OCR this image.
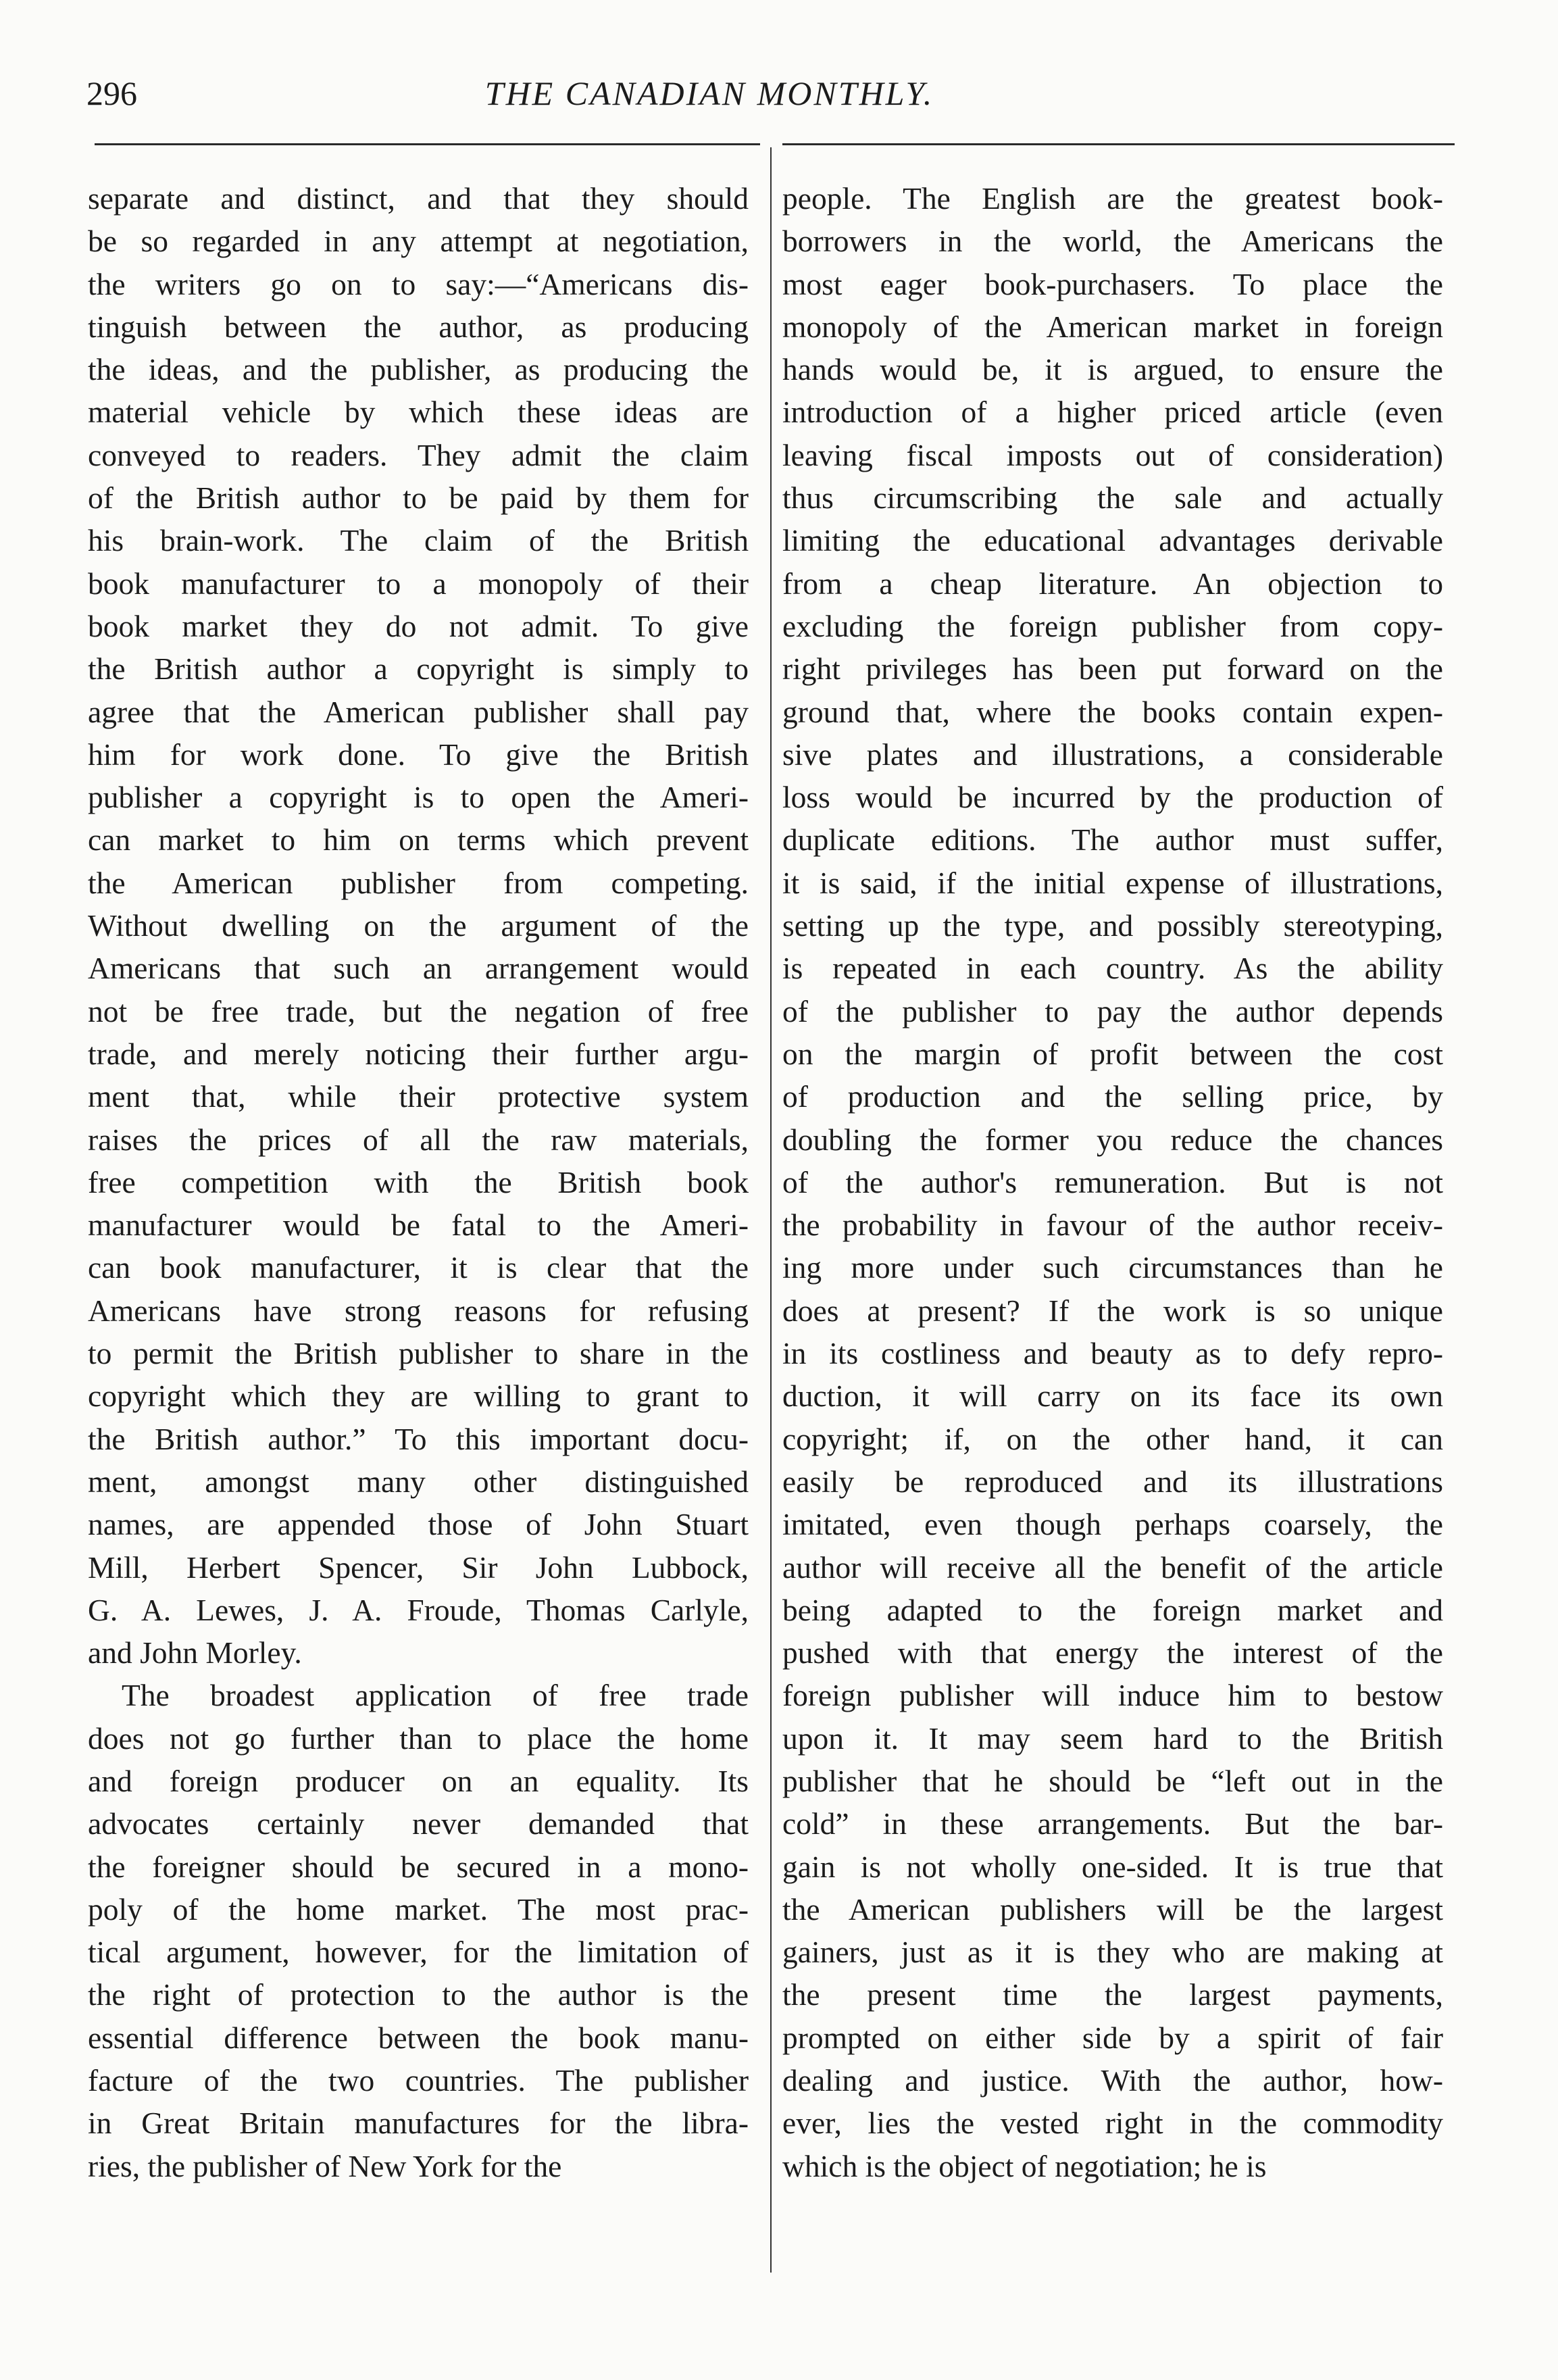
296	THE CANADIAN MONTHLY.
separate and distinct, and that they should
be so regarded in any attempt at negotiation,
the writers go on to say:—“Americans dis-
tinguish between the author, as producing
the ideas, and the publisher, as producing the
material vehicle by which these ideas are
conveyed to readers. They admit the claim
of the British author to be paid by them for
his brain-work. The claim of the British
book manufacturer to a monopoly of their
book market they do not admit. To give
the British author a copyright is simply to
agree that the American publisher shall pay
him for work done. To give the British
publisher a copyright is to open the Ameri-
can market to him on terms which prevent
the American publisher from competing.
Without dwelling on the argument of the
Americans that such an arrangement would
not be free trade, but the negation of free
trade, and merely noticing their further argu-
ment that, while their protective system
raises the prices of all the raw materials,
free competition with the British book
manufacturer would be fatal to the Ameri-
can book manufacturer, it is clear that the
Americans have strong reasons for refusing
to permit the British publisher to share in the
copyright which they are willing to grant to
the British author.” To this important docu-
ment, amongst many other distinguished
names, are appended those of John Stuart
Mill, Herbert Spencer, Sir John Lubbock,
G. A. Lewes, J. A. Froude, Thomas Carlyle,
and John Morley.
The broadest application of free trade
does not go further than to place the home
and foreign producer on an equality. Its
advocates certainly never demanded that
the foreigner should be secured in a mono-
poly of the home market. The most prac-
tical argument, however, for the limitation of
the right of protection to the author is the
essential difference between the book manu-
facture of the two countries. The publisher
in Great Britain manufactures for the libra-
ries, the publisher of New York for the
people. The English are the greatest book-
borrowers in the world, the Americans the
most eager book-purchasers. To place the
monopoly of the American market in foreign
hands would be, it is argued, to ensure the
introduction of a higher priced article (even
leaving fiscal imposts out of consideration)
thus circumscribing the sale and actually
limiting the educational advantages derivable
from a cheap literature. An objection to
excluding the foreign publisher from copy-
right privileges has been put forward on the
ground that, where the books contain expen-
sive plates and illustrations, a considerable
loss would be incurred by the production of
duplicate editions. The author must suffer,
it is said, if the initial expense of illustrations,
setting up the type, and possibly stereotyping,
is repeated in each country. As the ability
of the publisher to pay the author depends
on the margin of profit between the cost
of production and the selling price, by
doubling the former you reduce the chances
of the author's remuneration. But is not
the probability in favour of the author receiv-
ing more under such circumstances than he
does at present? If the work is so unique
in its costliness and beauty as to defy repro-
duction, it will carry on its face its own
copyright; if, on the other hand, it can
easily be reproduced and its illustrations
imitated, even though perhaps coarsely, the
author will receive all the benefit of the article
being adapted to the foreign market and
pushed with that energy the interest of the
foreign publisher will induce him to bestow
upon it. It may seem hard to the British
publisher that he should be “left out in the
cold” in these arrangements. But the bar-
gain is not wholly one-sided. It is true that
the American publishers will be the largest
gainers, just as it is they who are making at
the present time the largest payments,
prompted on either side by a spirit of fair
dealing and justice. With the author, how-
ever, lies the vested right in the commodity
which is the object of negotiation; he is
